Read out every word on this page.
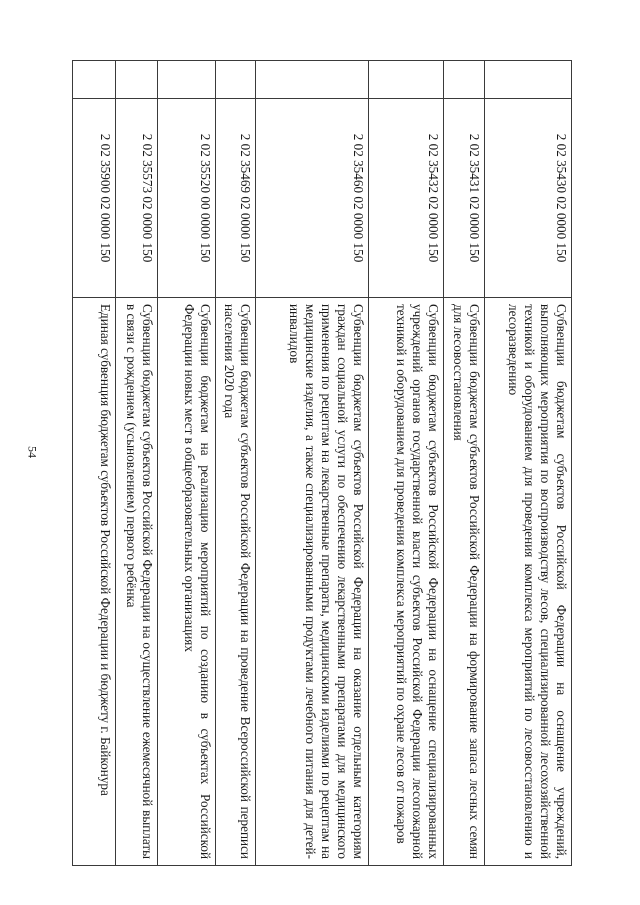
54
	2 02 35430 02 0000 150	Субвенции бюджетам субъектов Российской Федерации на оснащение учреждений, выполняющих мероприятия по воспроизводству лесов, специализированной лесохозяйственной техникой и оборудованием для проведения комплекса мероприятий по лесовосстановлению и лесоразведению
	2 02 35431 02 0000 150	Субвенции бюджетам субъектов Российской Федерации на формирование запаса лесных семян для лесовосстановления
	2 02 35432 02 0000 150	Субвенции бюджетам субъектов Российской Федерации на оснащение специализированных учреждений органов государственной власти субъектов Российской Федерации лесопожарной техникой и оборудованием для проведения комплекса мероприятий по охране лесов от пожаров
	2 02 35460 02 0000 150	Субвенции бюджетам субъектов Российской Федерации на оказание отдельным категориям граждан социальной услуги по обеспечению лекарственными препаратами для медицинского применения по рецептам на лекарственные препараты, медицинскими изделиями по рецептам на медицинские изделия, а также специализированными продуктами лечебного питания для детей-инвалидов
	2 02 35469 02 0000 150	Субвенции бюджетам субъектов Российской Федерации на проведение Всероссийской переписи населения 2020 года
	2 02 35520 00 0000 150	Субвенции бюджетам на реализацию мероприятий по созданию в субъектах Российской Федерации новых мест в общеобразовательных организациях
	2 02 35573 02 0000 150	Субвенции бюджетам субъектов Российской Федерации на осуществление ежемесячной выплаты в связи с рождением (усыновлением) первого ребёнка
	2 02 35900 02 0000 150	Единая субвенция бюджетам субъектов Российской Федерации и бюджету г. Байконура
